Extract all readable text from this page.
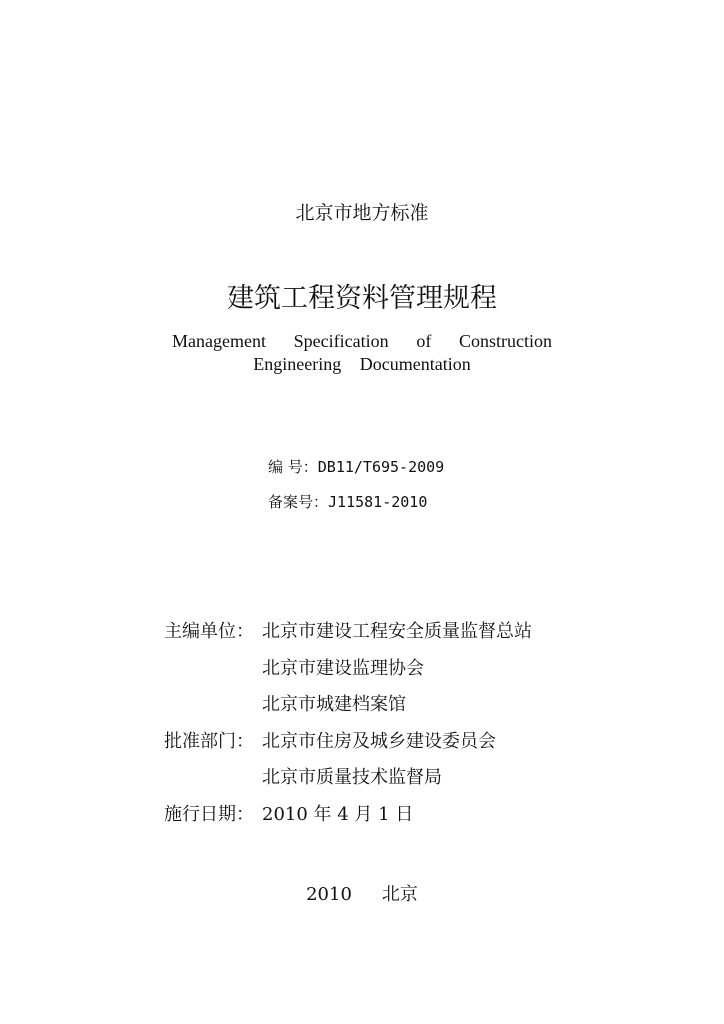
北京市地方标准
建筑工程资料管理规程
Management Specification of Construction
Engineering Documentation
编 号：DB11/T695-2009
备案号：J11581-2010
主编单位： 北京市建设工程安全质量监督总站
北京市建设监理协会
北京市城建档案馆
批准部门： 北京市住房及城乡建设委员会
北京市质量技术监督局
施行日期： 2010 年 4 月 1 日
2010 北京
